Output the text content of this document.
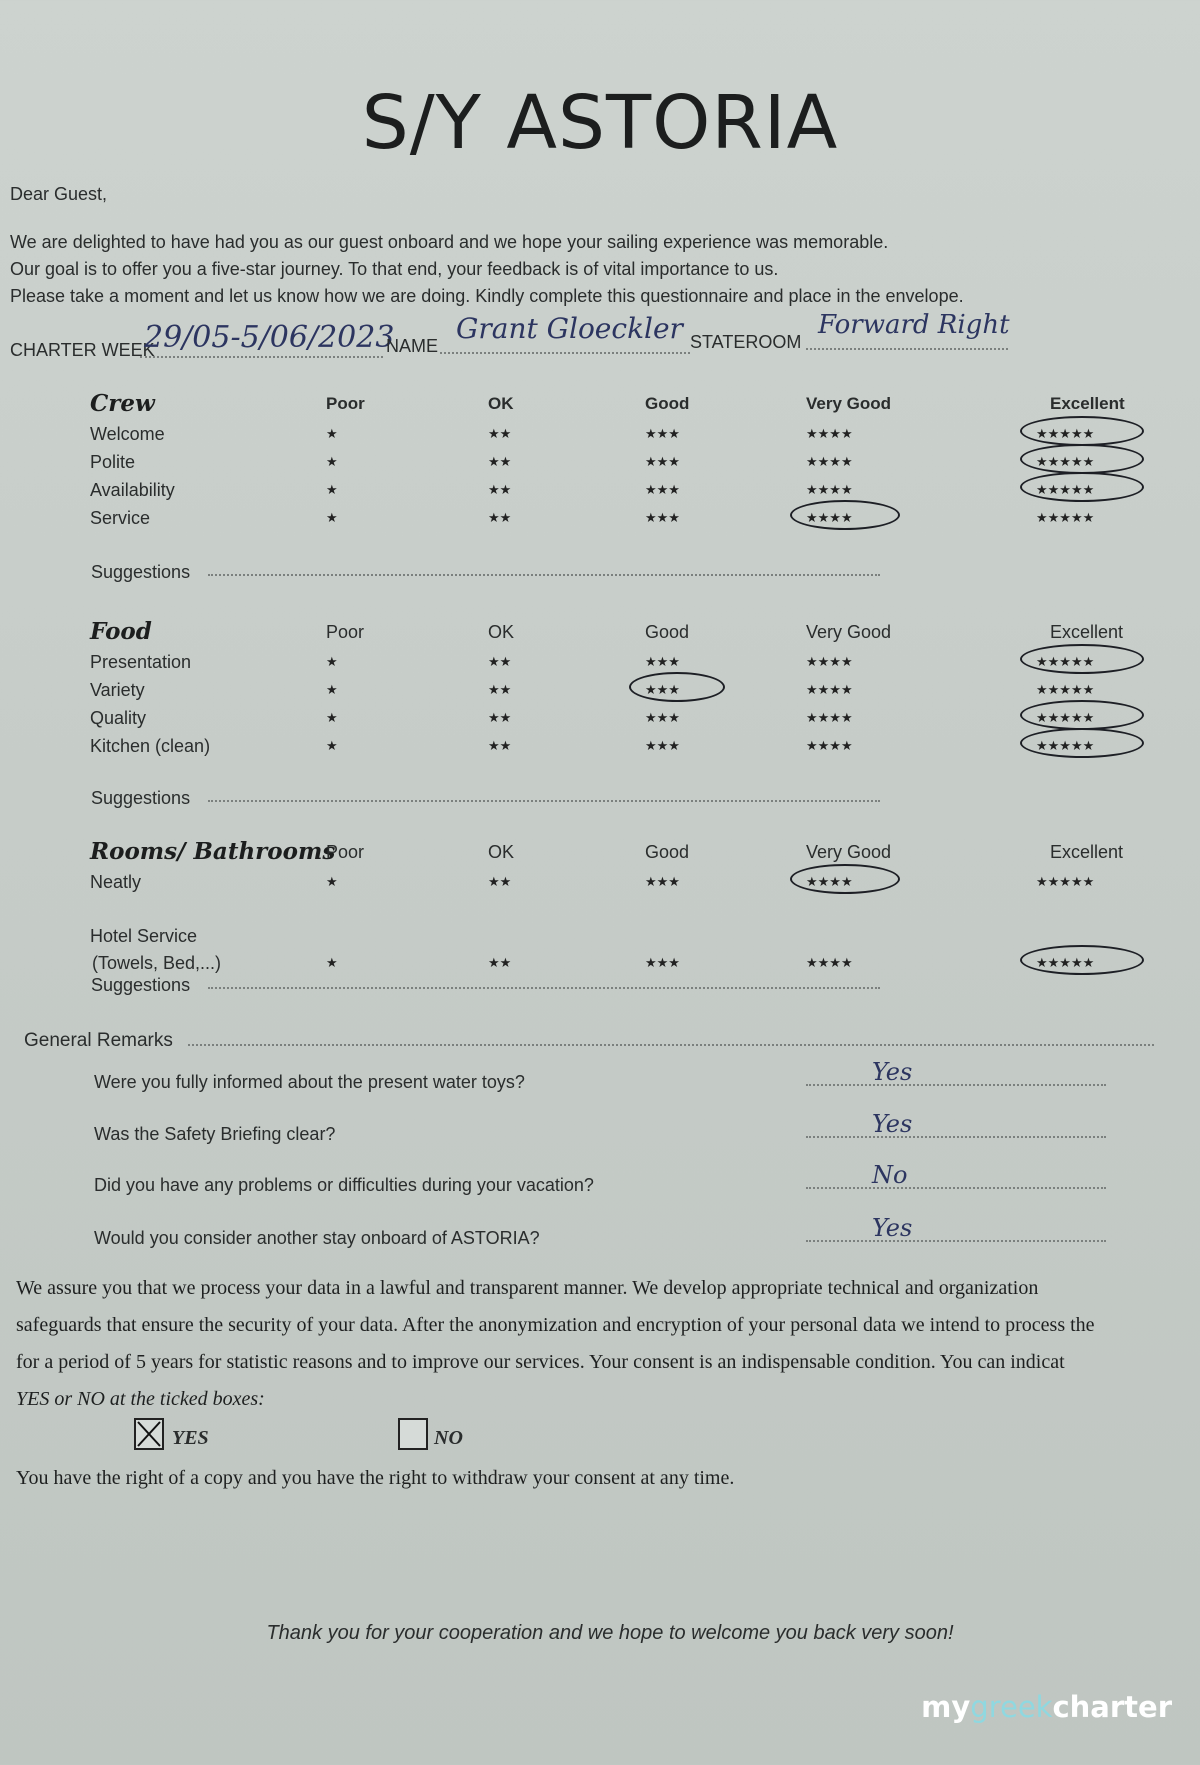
S/Y ASTORIA
Dear Guest,
We are delighted to have had you as our guest onboard and we hope your sailing experience was memorable.
Our goal is to offer you a five-star journey. To that end, your feedback is of vital importance to us.
Please take a moment and let us know how we are doing. Kindly complete this questionnaire and place in the envelope.
CHARTER WEEK
29/05-5/06/2023
NAME
Grant Gloeckler STATEROOM
Forward Right
Crew	Poor	OK	Good	Very Good	Excellent
Welcome	★	★★	★★★	★★★★	★★★★★
Polite	★	★★	★★★	★★★★	★★★★★
Availability	★	★★	★★★	★★★★	★★★★★
Service	★	★★	★★★	★★★★	★★★★★
Suggestions
Food	Poor	OK	Good	Very Good	Excellent
Presentation	★	★★	★★★	★★★★	★★★★★
Variety	★	★★	★★★	★★★★	★★★★★
Quality	★	★★	★★★	★★★★	★★★★★
Kitchen (clean)	★	★★	★★★	★★★★	★★★★★
Suggestions
Rooms/ Bathrooms
Poor	OK	Good	Very Good	Excellent
Neatly	★	★★	★★★	★★★★	★★★★★
Hotel Service
(Towels, Bed,...)	★	★★	★★★	★★★★	★★★★★
Suggestions
General Remarks
Were you fully informed about the present water toys?	Yes
Was the Safety Briefing clear?	Yes
Did you have any problems or difficulties during your vacation?	No
Would you consider another stay onboard of ASTORIA?	Yes
We assure you that we process your data in a lawful and transparent manner. We develop appropriate technical and organization
safeguards that ensure the security of your data. After the anonymization and encryption of your personal data we intend to process the
for a period of 5 years for statistic reasons and to improve our services. Your consent is an indispensable condition. You can indicat
YES or NO at the ticked boxes:
YES	NO
You have the right of a copy and you have the right to withdraw your consent at any time.
Thank you for your cooperation and we hope to welcome you back very soon!
mygreekcharter
